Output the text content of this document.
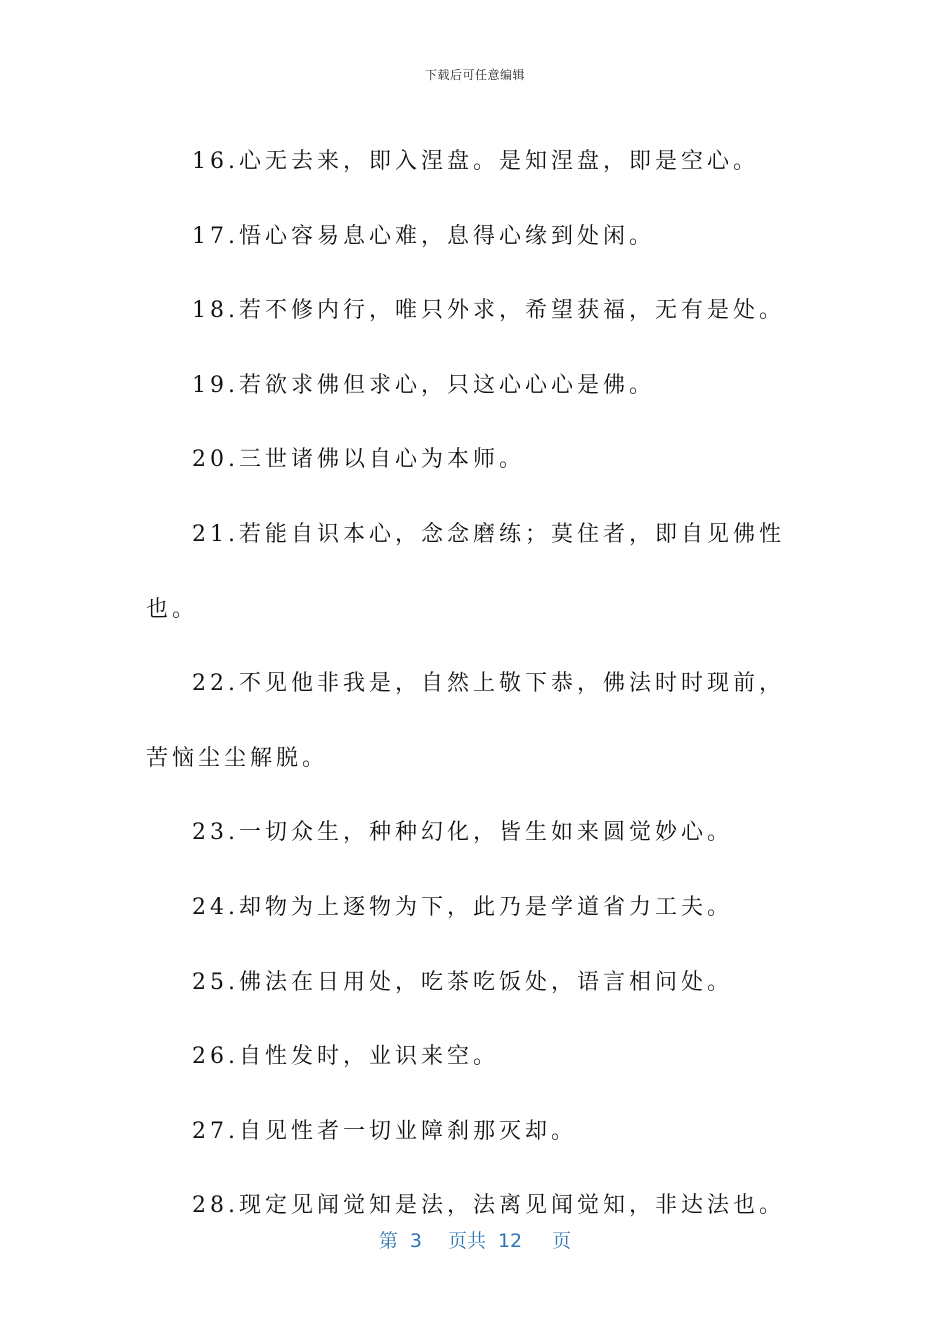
下载后可任意编辑

16.心无去来，即入涅盘。是知涅盘，即是空心。

17.悟心容易息心难，息得心缘到处闲。

18.若不修内行，唯只外求，希望获福，无有是处。

19.若欲求佛但求心，只这心心心是佛。

20.三世诸佛以自心为本师。

21.若能自识本心，念念磨练；莫住者，即自见佛性也。

22.不见他非我是，自然上敬下恭，佛法时时现前，苦恼尘尘解脱。

23.一切众生，种种幻化，皆生如来圆觉妙心。

24.却物为上逐物为下，此乃是学道省力工夫。

25.佛法在日用处，吃茶吃饭处，语言相问处。

26.自性发时，业识来空。

27.自见性者一切业障刹那灭却。

28.现定见闻觉知是法，法离见闻觉知，非达法也。

第 3 页共 12 页
